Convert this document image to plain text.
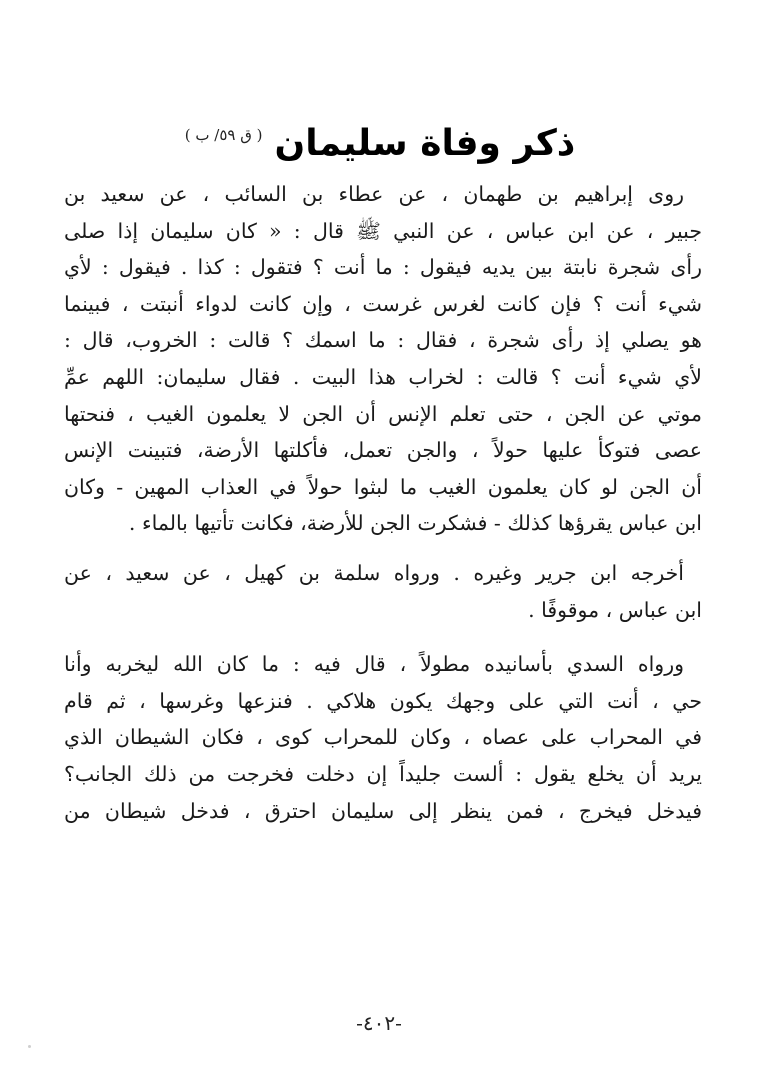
ذكر وفاة سليمان
( ق ٥٩/ ب )

روى إبراهيم بن طهمان ، عن عطاء بن السائب ، عن سعيد بن
جبير ، عن ابن عباس ، عن النبي ﷺ قال : « كان سليمان إذا صلى
رأى شجرة نابتة بين يديه فيقول : ما أنت ؟ فتقول : كذا . فيقول : لأي
شيء أنت ؟ فإن كانت لغرس غرست ، وإن كانت لدواء أنبتت ، فبينما
هو يصلي إذ رأى شجرة ، فقال : ما اسمك ؟ قالت : الخروب، قال :
لأي شيء أنت ؟ قالت : لخراب هذا البيت . فقال سليمان: اللهم عمِّ
موتي عن الجن ، حتى تعلم الإنس أن الجن لا يعلمون الغيب ، فنحتها
عصى فتوكأ عليها حولاً ، والجن تعمل، فأكلتها الأرضة، فتبينت الإنس
أن الجن لو كان يعلمون الغيب ما لبثوا حولاً في العذاب المهين - وكان
ابن عباس يقرؤها كذلك - فشكرت الجن للأرضة، فكانت تأتيها بالماء .

أخرجه ابن جرير وغيره . ورواه سلمة بن كهيل ، عن سعيد ، عن
ابن عباس ، موقوفًا .

ورواه السدي بأسانيده مطولاً ، قال فيه : ما كان الله ليخربه وأنا
حي ، أنت التي على وجهك يكون هلاكي . فنزعها وغرسها ، ثم قام
في المحراب على عصاه ، وكان للمحراب كوى ، فكان الشيطان الذي
يريد أن يخلع يقول : ألست جليداً إن دخلت فخرجت من ذلك الجانب؟
فيدخل فيخرج ، فمن ينظر إلى سليمان احترق ، فدخل شيطان من

-٤٠٢-
